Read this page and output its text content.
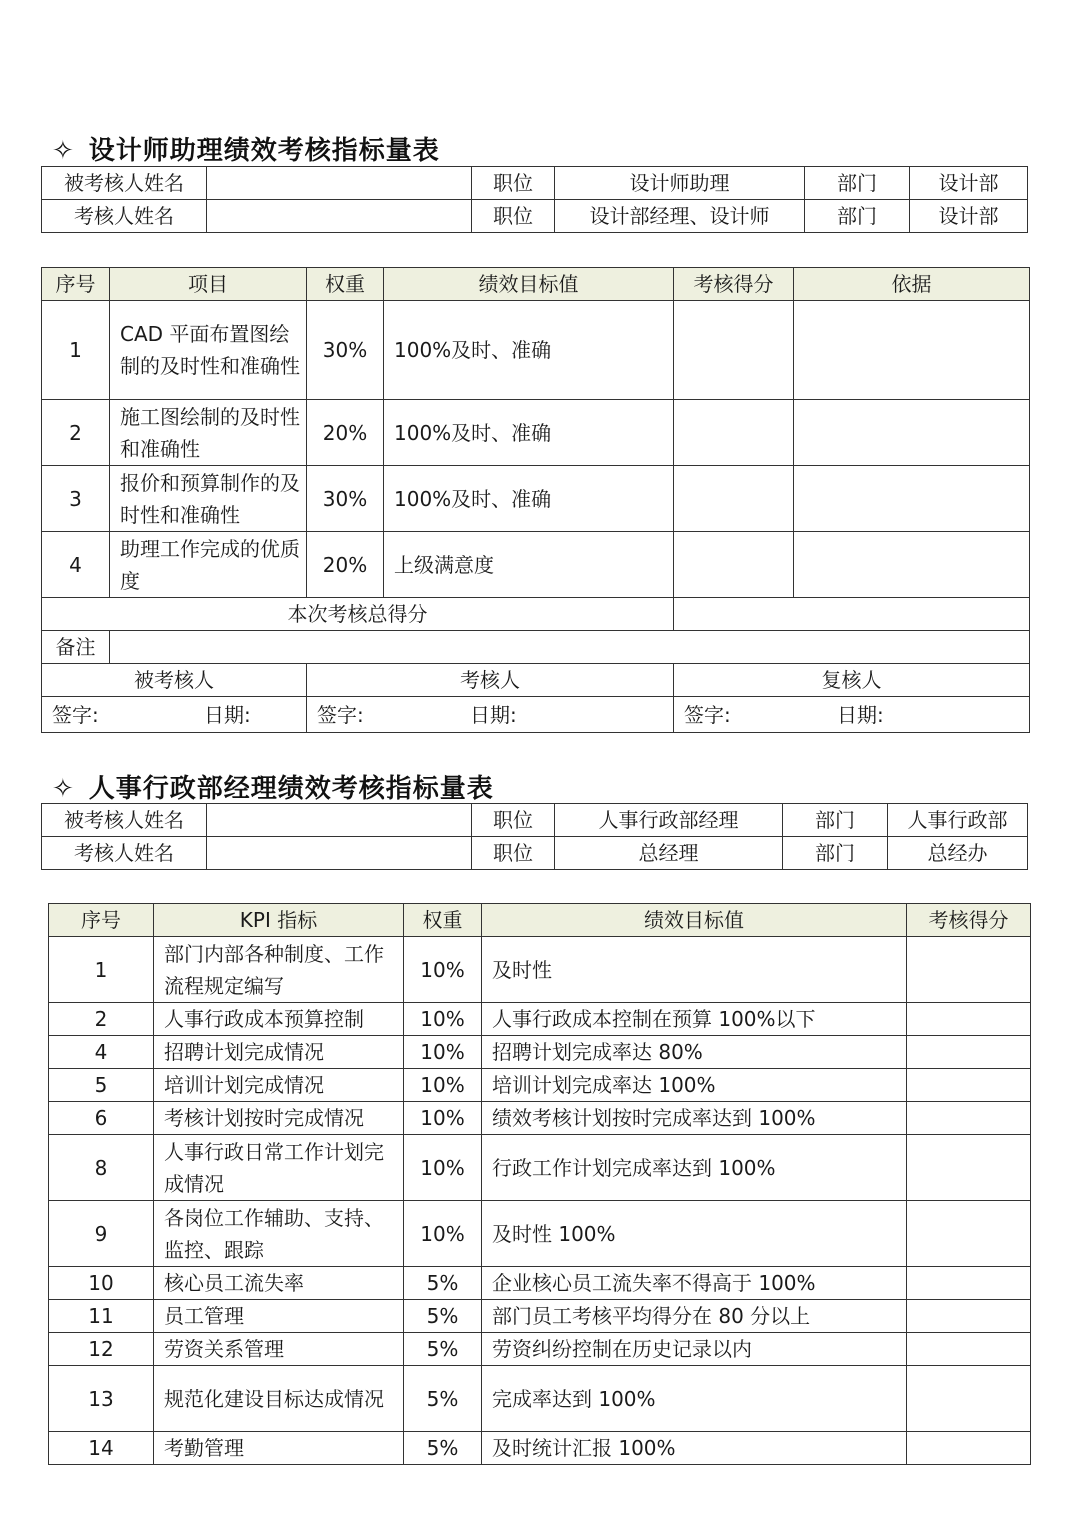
✧ 设计师助理绩效考核指标量表
被考核人姓名		职位	设计师助理	部门	设计部
考核人姓名		职位	设计部经理、设计师	部门	设计部
序号	项目	权重	绩效目标值	考核得分	依据
1	CAD 平面布置图绘制的及时性和准确性	30%	100%及时、准确		
2	施工图绘制的及时性和准确性	20%	100%及时、准确		
3	报价和预算制作的及时性和准确性	30%	100%及时、准确		
4	助理工作完成的优质度	20%	上级满意度		
本次考核总得分					
备注					
被考核人		考核人		复核人	
签字: 日期:		签字: 日期:		签字: 日期:	
✧ 人事行政部经理绩效考核指标量表
被考核人姓名		职位	人事行政部经理	部门	人事行政部
考核人姓名		职位	总经理	部门	总经办
序号	KPI 指标	权重	绩效目标值	考核得分
1	部门内部各种制度、工作流程规定编写	10%	及时性	
2	人事行政成本预算控制	10%	人事行政成本控制在预算 100%以下	
4	招聘计划完成情况	10%	招聘计划完成率达 80%	
5	培训计划完成情况	10%	培训计划完成率达 100%	
6	考核计划按时完成情况	10%	绩效考核计划按时完成率达到 100%	
8	人事行政日常工作计划完成情况	10%	行政工作计划完成率达到 100%	
9	各岗位工作辅助、支持、监控、跟踪	10%	及时性 100%	
10	核心员工流失率	5%	企业核心员工流失率不得高于 100%	
11	员工管理	5%	部门员工考核平均得分在 80 分以上	
12	劳资关系管理	5%	劳资纠纷控制在历史记录以内	
13	规范化建设目标达成情况	5%	完成率达到 100%	
14	考勤管理	5%	及时统计汇报 100%	
